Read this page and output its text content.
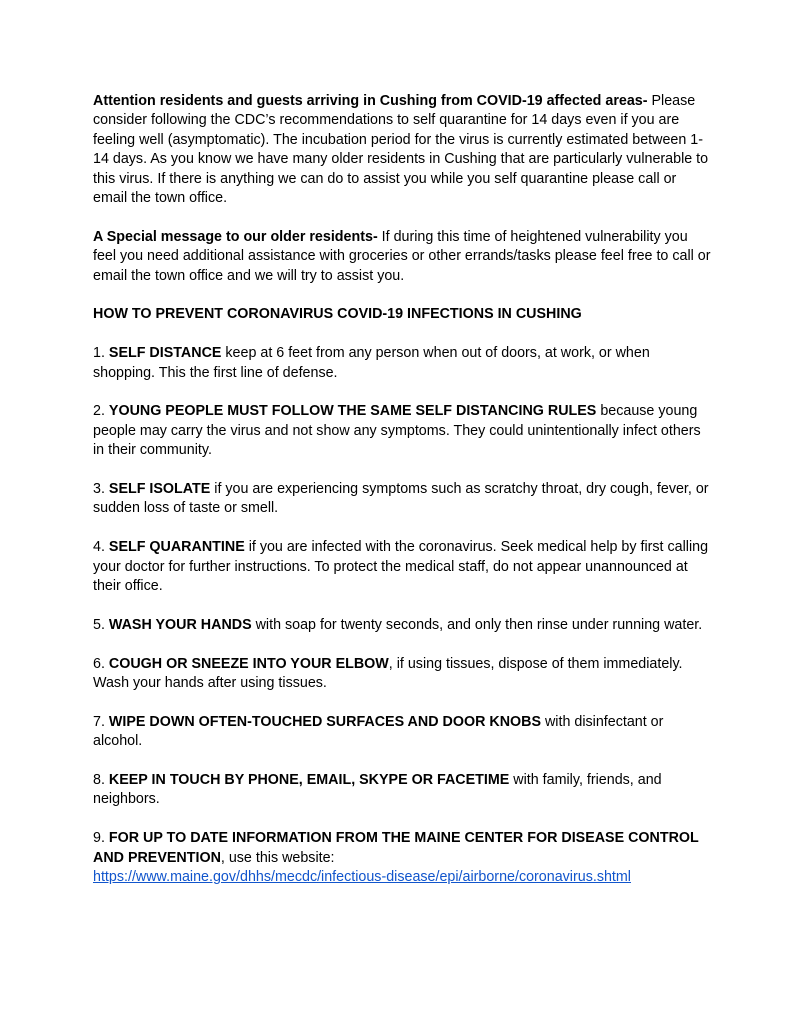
Attention residents and guests arriving in Cushing from COVID-19 affected areas- Please consider following the CDC’s recommendations to self quarantine for 14 days even if you are feeling well (asymptomatic). The incubation period for the virus is currently estimated between 1-14 days. As you know we have many older residents in Cushing that are particularly vulnerable to this virus. If there is anything we can do to assist you while you self quarantine please call or email the town office.

A Special message to our older residents- If during this time of heightened vulnerability you feel you need additional assistance with groceries or other errands/tasks please feel free to call or email the town office and we will try to assist you.

HOW TO PREVENT CORONAVIRUS COVID-19 INFECTIONS IN CUSHING

1. SELF DISTANCE keep at 6 feet from any person when out of doors, at work, or when shopping. This the first line of defense.

2. YOUNG PEOPLE MUST FOLLOW THE SAME SELF DISTANCING RULES because young people may carry the virus and not show any symptoms. They could unintentionally infect others in their community.

3. SELF ISOLATE if you are experiencing symptoms such as scratchy throat, dry cough, fever, or sudden loss of taste or smell.

4. SELF QUARANTINE if you are infected with the coronavirus. Seek medical help by first calling your doctor for further instructions. To protect the medical staff, do not appear unannounced at their office.

5. WASH YOUR HANDS with soap for twenty seconds, and only then rinse under running water.

6. COUGH OR SNEEZE INTO YOUR ELBOW, if using tissues, dispose of them immediately. Wash your hands after using tissues.

7. WIPE DOWN OFTEN-TOUCHED SURFACES AND DOOR KNOBS with disinfectant or alcohol.

8. KEEP IN TOUCH BY PHONE, EMAIL, SKYPE OR FACETIME with family, friends, and neighbors.

9. FOR UP TO DATE INFORMATION FROM THE MAINE CENTER FOR DISEASE CONTROL AND PREVENTION, use this website:
https://www.maine.gov/dhhs/mecdc/infectious-disease/epi/airborne/coronavirus.shtml
